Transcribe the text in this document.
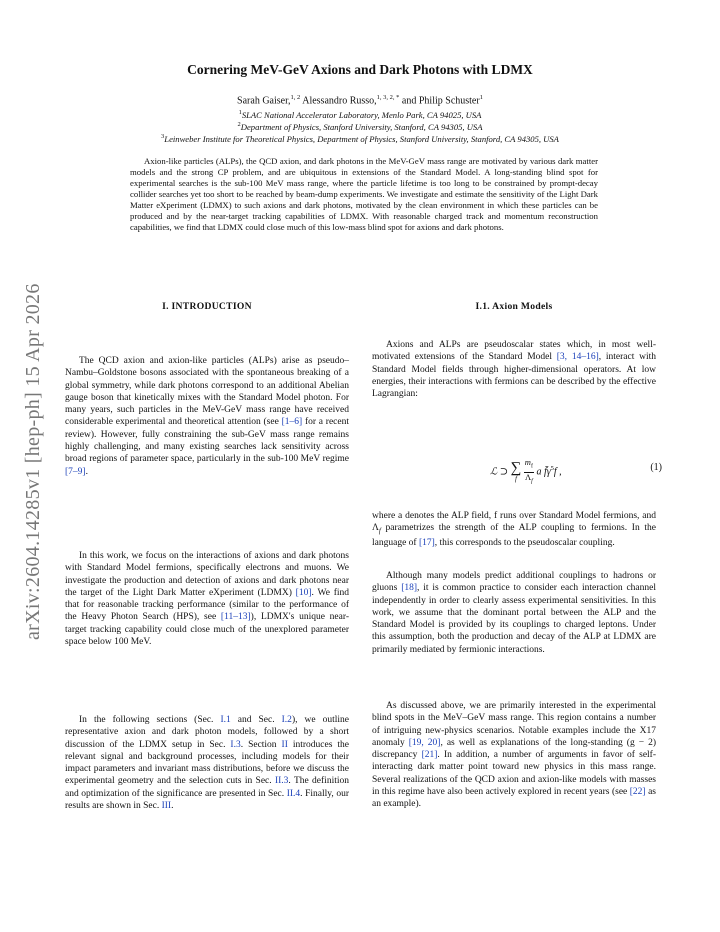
arXiv:2604.14285v1 [hep-ph] 15 Apr 2026
Cornering MeV-GeV Axions and Dark Photons with LDMX
Sarah Gaiser,$^{1, 2}$ Alessandro Russo,$^{1, 3, 2, *}$ and Philip Schuster$^1$
$^1$SLAC National Accelerator Laboratory, Menlo Park, CA 94025, USA
$^2$Department of Physics, Stanford University, Stanford, CA 94305, USA
$^3$Leinweber Institute for Theoretical Physics, Department of Physics, Stanford University, Stanford, CA 94305, USA
Axion-like particles (ALPs), the QCD axion, and dark photons in the MeV-GeV mass range are motivated by various dark matter models and the strong CP problem, and are ubiquitous in extensions of the Standard Model. A long-standing blind spot for experimental searches is the sub-100 MeV mass range, where the particle lifetime is too long to be constrained by prompt-decay collider searches yet too short to be reached by beam-dump experiments. We investigate and estimate the sensitivity of the Light Dark Matter eXperiment (LDMX) to such axions and dark photons, motivated by the clean environment in which these particles can be produced and by the near-target tracking capabilities of LDMX. With reasonable charged track and momentum reconstruction capabilities, we find that LDMX could close much of this low-mass blind spot for axions and dark photons.
I. INTRODUCTION	I.1. Axion Models

The QCD axion and axion-like particles (ALPs) arise as pseudo–Nambu–Goldstone bosons associated with the spontaneous breaking of a global symmetry, while dark photons correspond to an additional Abelian gauge boson that kinetically mixes with the Standard Model photon. For many years, such particles in the MeV-GeV mass range have received considerable experimental and theoretical attention (see [1–6] for a recent review). However, fully constraining the sub-GeV mass range remains highly challenging, and many existing searches lack sensitivity across broad regions of parameter space, particularly in the sub-100 MeV regime [7–9].

In this work, we focus on the interactions of axions and dark photons with Standard Model fermions, specifically electrons and muons. We investigate the production and detection of axions and dark photons near the target of the Light Dark Matter eXperiment (LDMX) [10]. We find that for reasonable tracking performance (similar to the performance of the Heavy Photon Search (HPS), see [11–13]), LDMX's unique near-target tracking capability could close much of the unexplored parameter space below 100 MeV.

In the following sections (Sec. I.1 and Sec. I.2), we outline representative axion and dark photon models, followed by a short discussion of the LDMX setup in Sec. I.3. Section II introduces the relevant signal and background processes, including models for their impact parameters and invariant mass distributions, before we discuss the experimental geometry and the selection cuts in Sec. II.3. The definition and optimization of the significance are presented in Sec. II.4. Finally, our results are shown in Sec. III.

Axions and ALPs are pseudoscalar states which, in most well-motivated extensions of the Standard Model [3, 14–16], interact with Standard Model fields through higher-dimensional operators. At low energies, their interactions with fermions can be described by the effective Lagrangian:

ℒ ⊃ ∑
f
$\frac{m_f}{\Lambda_f}$ a $f̄\gamma^5f$ ,	(1)

where a denotes the ALP field, f runs over Standard Model fermions, and $\Lambda_f$ parametrizes the strength of the ALP coupling to fermions. In the language of [17], this corresponds to the pseudoscalar coupling.

Although many models predict additional couplings to hadrons or gluons [18], it is common practice to consider each interaction channel independently in order to clearly assess experimental sensitivities. In this work, we assume that the dominant portal between the ALP and the Standard Model is provided by its couplings to charged leptons. Under this assumption, both the production and decay of the ALP at LDMX are primarily mediated by fermionic interactions.

As discussed above, we are primarily interested in the experimental blind spots in the MeV–GeV mass range. This region contains a number of intriguing new-physics scenarios. Notable examples include the X17 anomaly [19, 20], as well as explanations of the long-standing (g − 2) discrepancy [21]. In addition, a number of arguments in favor of self-interacting dark matter point toward new physics in this mass range. Several realizations of the QCD axion and axion-like models with masses in this regime have also been actively explored in recent years (see [22] as an example).
